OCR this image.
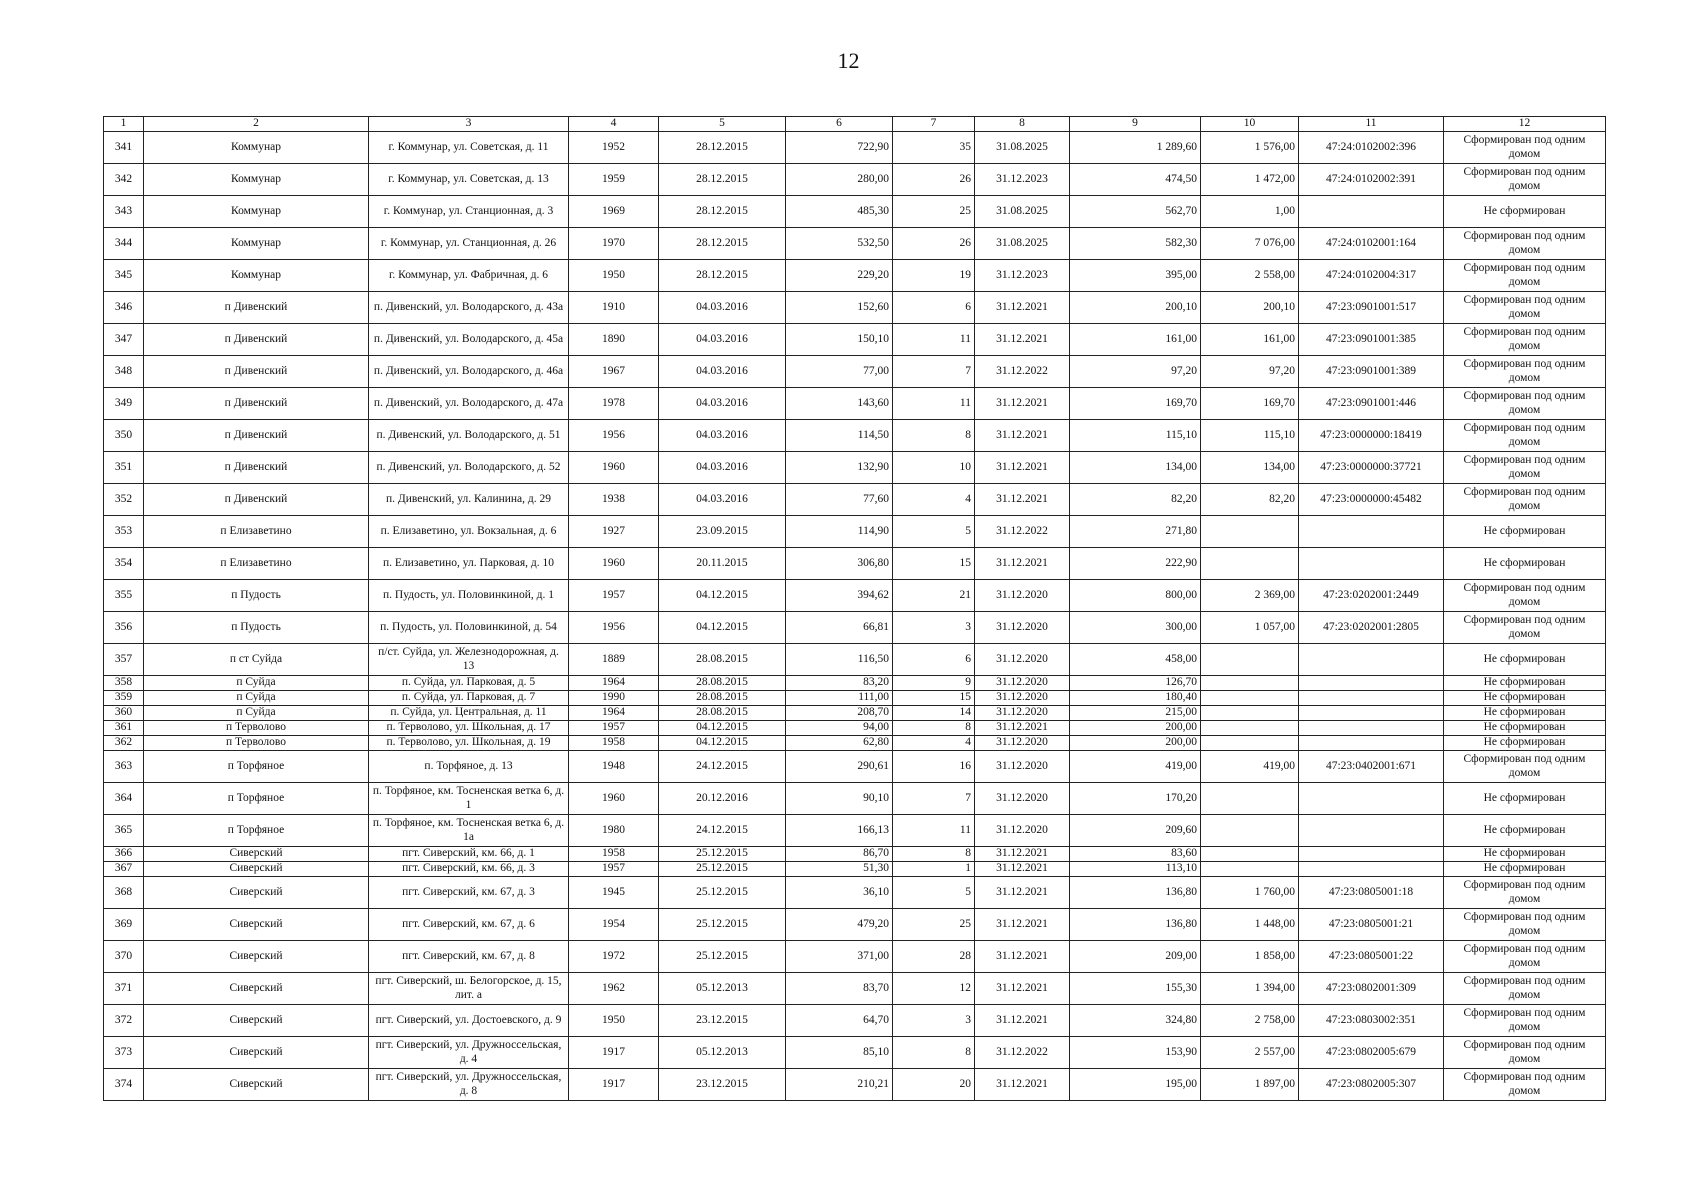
12
1	2	3	4	5	6	7	8	9	10	11	12
341	Коммунар	г. Коммунар, ул. Советская, д. 11	1952	28.12.2015	722,90	35	31.08.2025	1 289,60	1 576,00	47:24:0102002:396	Сформирован под одним домом
342	Коммунар	г. Коммунар, ул. Советская, д. 13	1959	28.12.2015	280,00	26	31.12.2023	474,50	1 472,00	47:24:0102002:391	Сформирован под одним домом
343	Коммунар	г. Коммунар, ул. Станционная, д. 3	1969	28.12.2015	485,30	25	31.08.2025	562,70	1,00		Не сформирован
344	Коммунар	г. Коммунар, ул. Станционная, д. 26	1970	28.12.2015	532,50	26	31.08.2025	582,30	7 076,00	47:24:0102001:164	Сформирован под одним домом
345	Коммунар	г. Коммунар, ул. Фабричная, д. 6	1950	28.12.2015	229,20	19	31.12.2023	395,00	2 558,00	47:24:0102004:317	Сформирован под одним домом
346	п Дивенский	п. Дивенский, ул. Володарского, д. 43а	1910	04.03.2016	152,60	6	31.12.2021	200,10	200,10	47:23:0901001:517	Сформирован под одним домом
347	п Дивенский	п. Дивенский, ул. Володарского, д. 45а	1890	04.03.2016	150,10	11	31.12.2021	161,00	161,00	47:23:0901001:385	Сформирован под одним домом
348	п Дивенский	п. Дивенский, ул. Володарского, д. 46а	1967	04.03.2016	77,00	7	31.12.2022	97,20	97,20	47:23:0901001:389	Сформирован под одним домом
349	п Дивенский	п. Дивенский, ул. Володарского, д. 47а	1978	04.03.2016	143,60	11	31.12.2021	169,70	169,70	47:23:0901001:446	Сформирован под одним домом
350	п Дивенский	п. Дивенский, ул. Володарского, д. 51	1956	04.03.2016	114,50	8	31.12.2021	115,10	115,10	47:23:0000000:18419	Сформирован под одним домом
351	п Дивенский	п. Дивенский, ул. Володарского, д. 52	1960	04.03.2016	132,90	10	31.12.2021	134,00	134,00	47:23:0000000:37721	Сформирован под одним домом
352	п Дивенский	п. Дивенский, ул. Калинина, д. 29	1938	04.03.2016	77,60	4	31.12.2021	82,20	82,20	47:23:0000000:45482	Сформирован под одним домом
353	п Елизаветино	п. Елизаветино, ул. Вокзальная, д. 6	1927	23.09.2015	114,90	5	31.12.2022	271,80			Не сформирован
354	п Елизаветино	п. Елизаветино, ул. Парковая, д. 10	1960	20.11.2015	306,80	15	31.12.2021	222,90			Не сформирован
355	п Пудость	п. Пудость, ул. Половинкиной, д. 1	1957	04.12.2015	394,62	21	31.12.2020	800,00	2 369,00	47:23:0202001:2449	Сформирован под одним домом
356	п Пудость	п. Пудость, ул. Половинкиной, д. 54	1956	04.12.2015	66,81	3	31.12.2020	300,00	1 057,00	47:23:0202001:2805	Сформирован под одним домом
357	п ст Суйда	п/ст. Суйда, ул. Железнодорожная, д. 13	1889	28.08.2015	116,50	6	31.12.2020	458,00			Не сформирован
358	п Суйда	п. Суйда, ул. Парковая, д. 5	1964	28.08.2015	83,20	9	31.12.2020	126,70			Не сформирован
359	п Суйда	п. Суйда, ул. Парковая, д. 7	1990	28.08.2015	111,00	15	31.12.2020	180,40			Не сформирован
360	п Суйда	п. Суйда, ул. Центральная, д. 11	1964	28.08.2015	208,70	14	31.12.2020	215,00			Не сформирован
361	п Терволово	п. Терволово, ул. Школьная, д. 17	1957	04.12.2015	94,00	8	31.12.2021	200,00			Не сформирован
362	п Терволово	п. Терволово, ул. Школьная, д. 19	1958	04.12.2015	62,80	4	31.12.2020	200,00			Не сформирован
363	п Торфяное	п. Торфяное, д. 13	1948	24.12.2015	290,61	16	31.12.2020	419,00	419,00	47:23:0402001:671	Сформирован под одним домом
364	п Торфяное	п. Торфяное, км. Тосненская ветка 6, д. 1	1960	20.12.2016	90,10	7	31.12.2020	170,20			Не сформирован
365	п Торфяное	п. Торфяное, км. Тосненская ветка 6, д. 1а	1980	24.12.2015	166,13	11	31.12.2020	209,60			Не сформирован
366	Сиверский	пгт. Сиверский, км. 66, д. 1	1958	25.12.2015	86,70	8	31.12.2021	83,60			Не сформирован
367	Сиверский	пгт. Сиверский, км. 66, д. 3	1957	25.12.2015	51,30	1	31.12.2021	113,10			Не сформирован
368	Сиверский	пгт. Сиверский, км. 67, д. 3	1945	25.12.2015	36,10	5	31.12.2021	136,80	1 760,00	47:23:0805001:18	Сформирован под одним домом
369	Сиверский	пгт. Сиверский, км. 67, д. 6	1954	25.12.2015	479,20	25	31.12.2021	136,80	1 448,00	47:23:0805001:21	Сформирован под одним домом
370	Сиверский	пгт. Сиверский, км. 67, д. 8	1972	25.12.2015	371,00	28	31.12.2021	209,00	1 858,00	47:23:0805001:22	Сформирован под одним домом
371	Сиверский	пгт. Сиверский, ш. Белогорское, д. 15, лит. а	1962	05.12.2013	83,70	12	31.12.2021	155,30	1 394,00	47:23:0802001:309	Сформирован под одним домом
372	Сиверский	пгт. Сиверский, ул. Достоевского, д. 9	1950	23.12.2015	64,70	3	31.12.2021	324,80	2 758,00	47:23:0803002:351	Сформирован под одним домом
373	Сиверский	пгт. Сиверский, ул. Дружноссельская, д. 4	1917	05.12.2013	85,10	8	31.12.2022	153,90	2 557,00	47:23:0802005:679	Сформирован под одним домом
374	Сиверский	пгт. Сиверский, ул. Дружноссельская, д. 8	1917	23.12.2015	210,21	20	31.12.2021	195,00	1 897,00	47:23:0802005:307	Сформирован под одним домом
